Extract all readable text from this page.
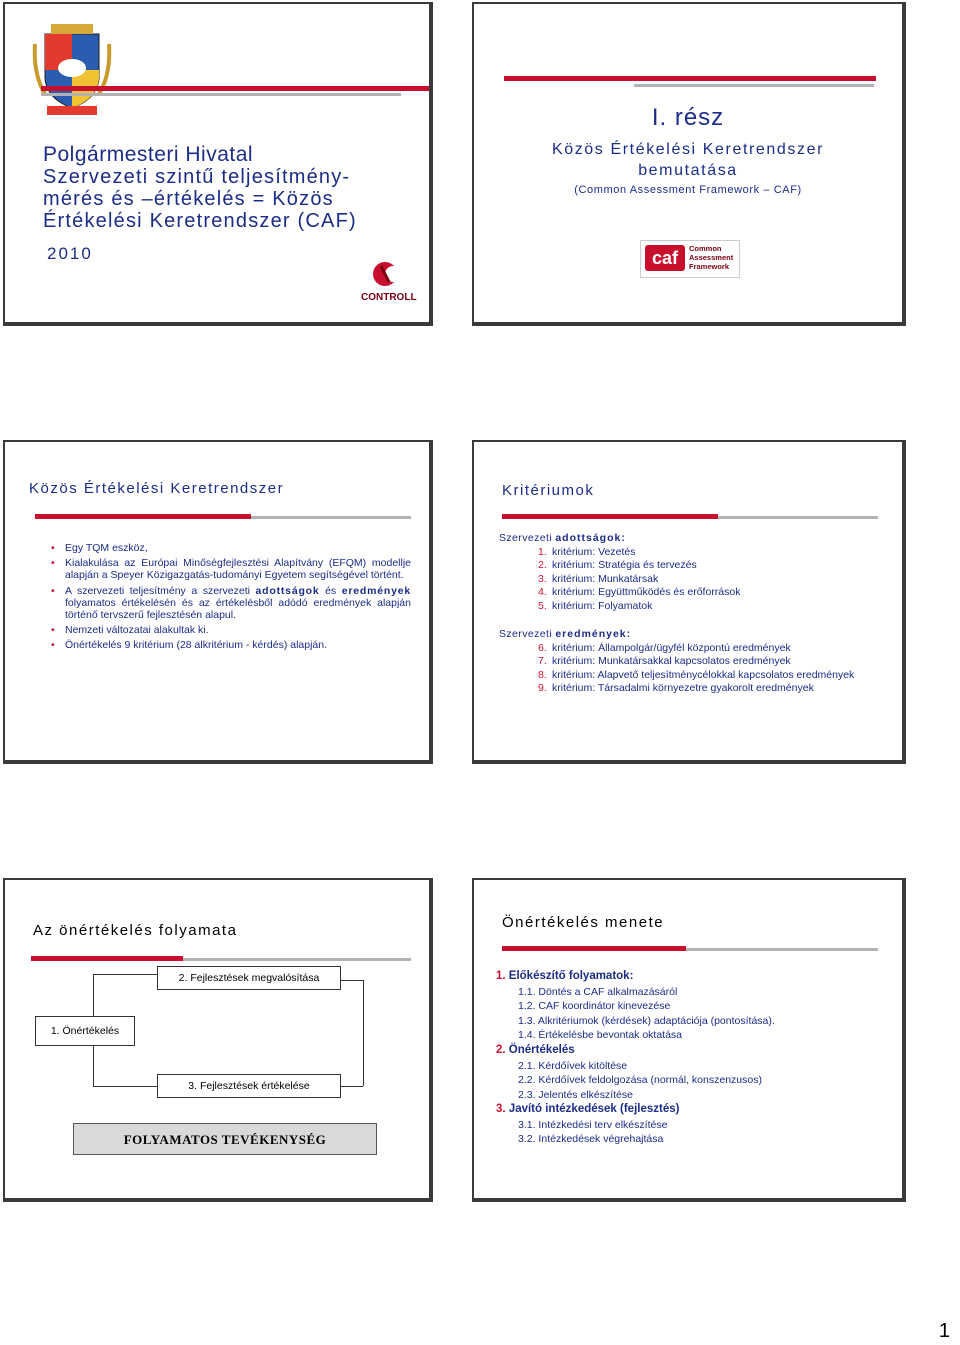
Polgármesteri Hivatal
Szervezeti szintű teljesítmény-
mérés és –értékelés = Közös
Értékelési Keretrendszer (CAF)
2010
CONTROLL
I. rész
Közös Értékelési Keretrendszer
bemutatása
(Common Assessment Framework – CAF)
caf	Common
Assessment
Framework
Közös Értékelési Keretrendszer
• Egy TQM eszköz,
• Kialakulása az Európai Minőségfejlesztési Alapítvány (EFQM) modellje alapján a Speyer Közigazgatás-tudományi Egyetem segítségével történt.
• A szervezeti teljesítmény a szervezeti adottságok és eredmények folyamatos értékelésén és az értékelésből adódó eredmények alapján történő tervszerű fejlesztésén alapul.
• Nemzeti változatai alakultak ki.
• Önértékelés 9 kritérium (28 alkritérium - kérdés) alapján.
Kritériumok
Szervezeti adottságok:
1. kritérium: Vezetés
2. kritérium: Stratégia és tervezés
3. kritérium: Munkatársak
4. kritérium: Együttműködés és erőforrások
5. kritérium: Folyamatok
Szervezeti eredmények:
6. kritérium: Állampolgár/ügyfél központú eredmények
7. kritérium: Munkatársakkal kapcsolatos eredmények
8. kritérium: Alapvető teljesítménycélokkal kapcsolatos eredmények
9. kritérium: Társadalmi környezetre gyakorolt eredmények
Az önértékelés folyamata
1. Önértékelés
2. Fejlesztések megvalósítása
3. Fejlesztések értékelése
FOLYAMATOS TEVÉKENYSÉG
Önértékelés menete
1. Előkészítő folyamatok:
1.1. Döntés a CAF alkalmazásáról
1.2. CAF koordinátor kinevezése
1.3. Alkritériumok (kérdések) adaptációja (pontosítása).
1.4. Értékelésbe bevontak oktatása
2. Önértékelés
2.1. Kérdőívek kitöltése
2.2. Kérdőívek feldolgozása (normál, konszenzusos)
2.3. Jelentés elkészítése
3. Javító intézkedések (fejlesztés)
3.1. Intézkedési terv elkészítése
3.2. Intézkedések végrehajtása
1
